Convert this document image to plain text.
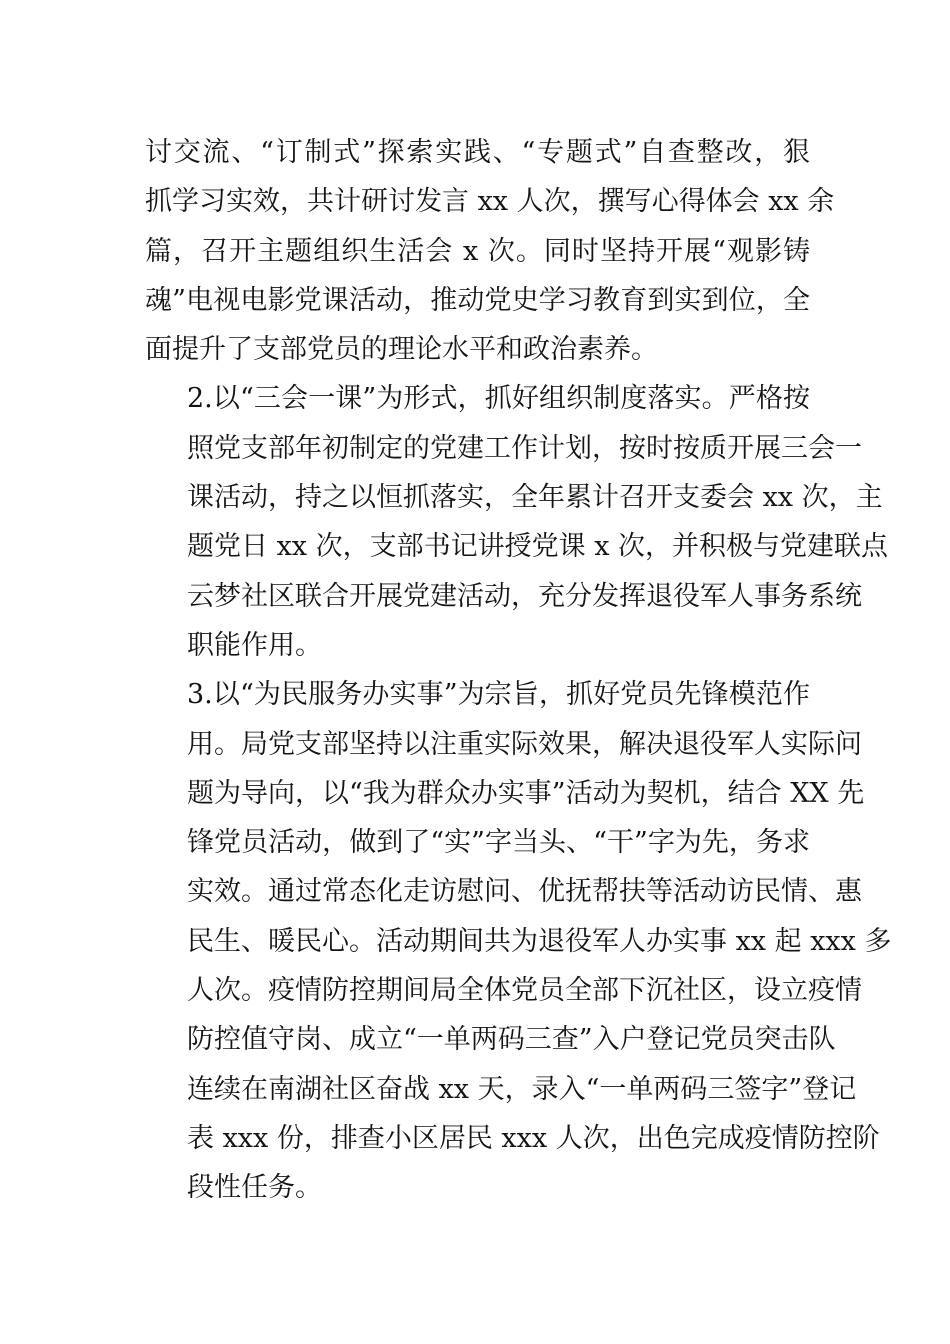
讨交流、“订制式”探索实践、“专题式”自查整改，狠
抓学习实效，共计研讨发言 xx 人次，撰写心得体会 xx 余
篇，召开主题组织生活会 x 次。同时坚持开展“观影铸
魂”电视电影党课活动，推动党史学习教育到实到位，全
面提升了支部党员的理论水平和政治素养。
2.以“三会一课”为形式，抓好组织制度落实。严格按
照党支部年初制定的党建工作计划，按时按质开展三会一
课活动，持之以恒抓落实，全年累计召开支委会 xx 次，主
题党日 xx 次，支部书记讲授党课 x 次，并积极与党建联点
云梦社区联合开展党建活动，充分发挥退役军人事务系统
职能作用。
3.以“为民服务办实事”为宗旨，抓好党员先锋模范作
用。局党支部坚持以注重实际效果，解决退役军人实际问
题为导向，以“我为群众办实事”活动为契机，结合 XX 先
锋党员活动，做到了“实”字当头、“干”字为先，务求
实效。通过常态化走访慰问、优抚帮扶等活动访民情、惠
民生、暖民心。活动期间共为退役军人办实事 xx 起 xxx 多
人次。疫情防控期间局全体党员全部下沉社区，设立疫情
防控值守岗、成立“一单两码三查”入户登记党员突击队
连续在南湖社区奋战 xx 天，录入“一单两码三签字”登记
表 xxx 份，排查小区居民 xxx 人次，出色完成疫情防控阶
段性任务。
